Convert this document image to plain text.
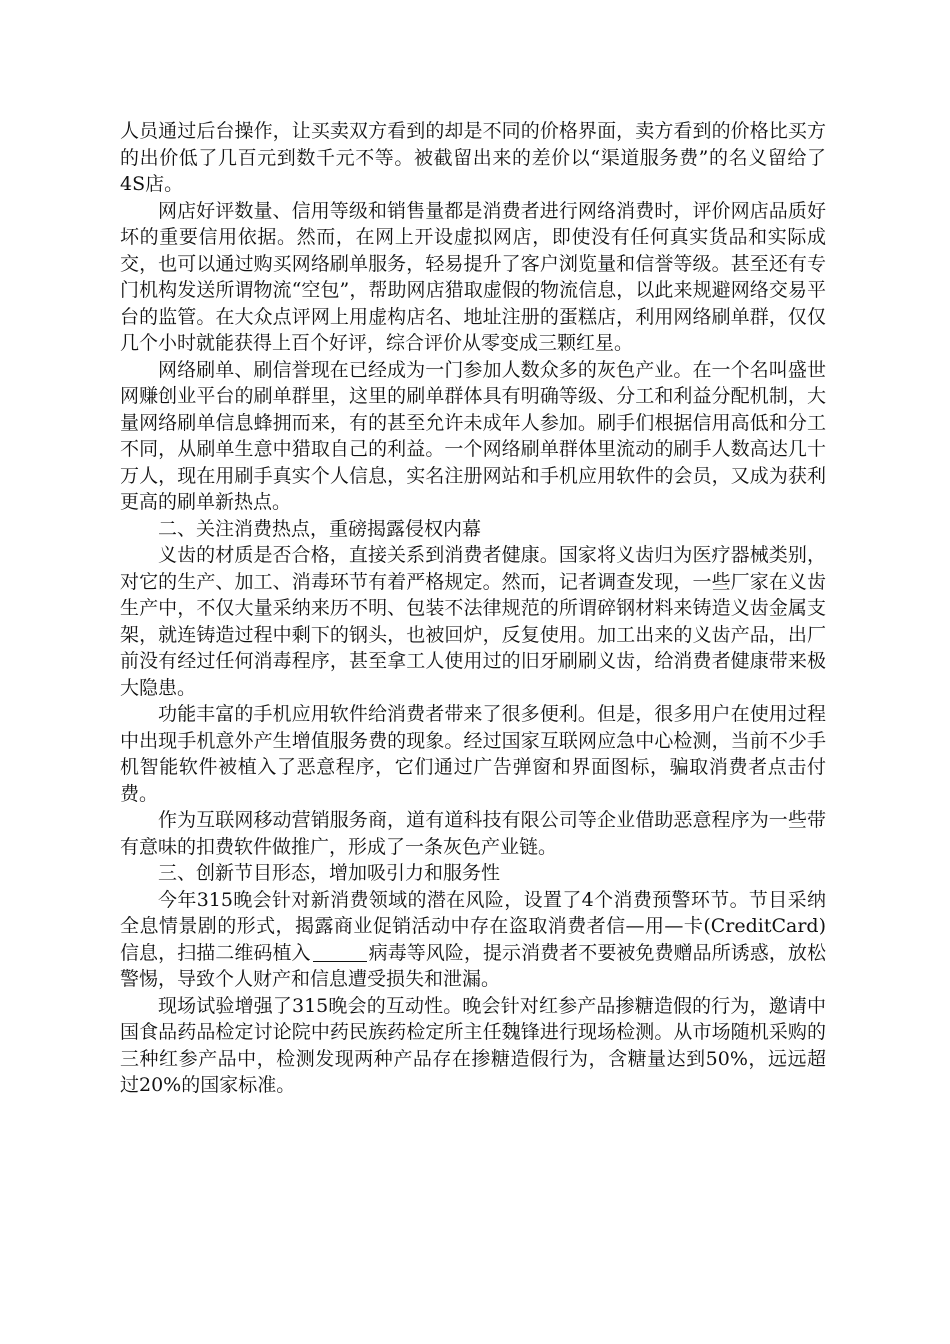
人员通过后台操作，让买卖双方看到的却是不同的价格界面，卖方看到的价格比买方的出价低了几百元到数千元不等。被截留出来的差价以“渠道服务费”的名义留给了4S店。

网店好评数量、信用等级和销售量都是消费者进行网络消费时，评价网店品质好坏的重要信用依据。然而，在网上开设虚拟网店，即使没有任何真实货品和实际成交，也可以通过购买网络刷单服务，轻易提升了客户浏览量和信誉等级。甚至还有专门机构发送所谓物流“空包”，帮助网店猎取虚假的物流信息，以此来规避网络交易平台的监管。在大众点评网上用虚构店名、地址注册的蛋糕店，利用网络刷单群，仅仅几个小时就能获得上百个好评，综合评价从零变成三颗红星。

网络刷单、刷信誉现在已经成为一门参加人数众多的灰色产业。在一个名叫盛世网赚创业平台的刷单群里，这里的刷单群体具有明确等级、分工和利益分配机制，大量网络刷单信息蜂拥而来，有的甚至允许未成年人参加。刷手们根据信用高低和分工不同，从刷单生意中猎取自己的利益。一个网络刷单群体里流动的刷手人数高达几十万人，现在用刷手真实个人信息，实名注册网站和手机应用软件的会员，又成为获利更高的刷单新热点。

二、关注消费热点，重磅揭露侵权内幕

义齿的材质是否合格，直接关系到消费者健康。国家将义齿归为医疗器械类别，对它的生产、加工、消毒环节有着严格规定。然而，记者调查发现，一些厂家在义齿生产中，不仅大量采纳来历不明、包装不法律规范的所谓碎钢材料来铸造义齿金属支架，就连铸造过程中剩下的钢头，也被回炉，反复使用。加工出来的义齿产品，出厂前没有经过任何消毒程序，甚至拿工人使用过的旧牙刷刷义齿，给消费者健康带来极大隐患。

功能丰富的手机应用软件给消费者带来了很多便利。但是，很多用户在使用过程中出现手机意外产生增值服务费的现象。经过国家互联网应急中心检测，当前不少手机智能软件被植入了恶意程序，它们通过广告弹窗和界面图标，骗取消费者点击付费。

作为互联网移动营销服务商，道有道科技有限公司等企业借助恶意程序为一些带有意味的扣费软件做推广，形成了一条灰色产业链。

三、创新节目形态，增加吸引力和服务性

今年315晚会针对新消费领域的潜在风险，设置了4个消费预警环节。节目采纳全息情景剧的形式，揭露商业促销活动中存在盗取消费者信—用—卡(CreditCard)信息，扫描二维码植入	病毒等风险，提示消费者不要被免费赠品所诱惑，放松警惕，导致个人财产和信息遭受损失和泄漏。

现场试验增强了315晚会的互动性。晚会针对红参产品掺糖造假的行为，邀请中国食品药品检定讨论院中药民族药检定所主任魏锋进行现场检测。从市场随机采购的三种红参产品中，检测发现两种产品存在掺糖造假行为，含糖量达到50%，远远超过20%的国家标准。
